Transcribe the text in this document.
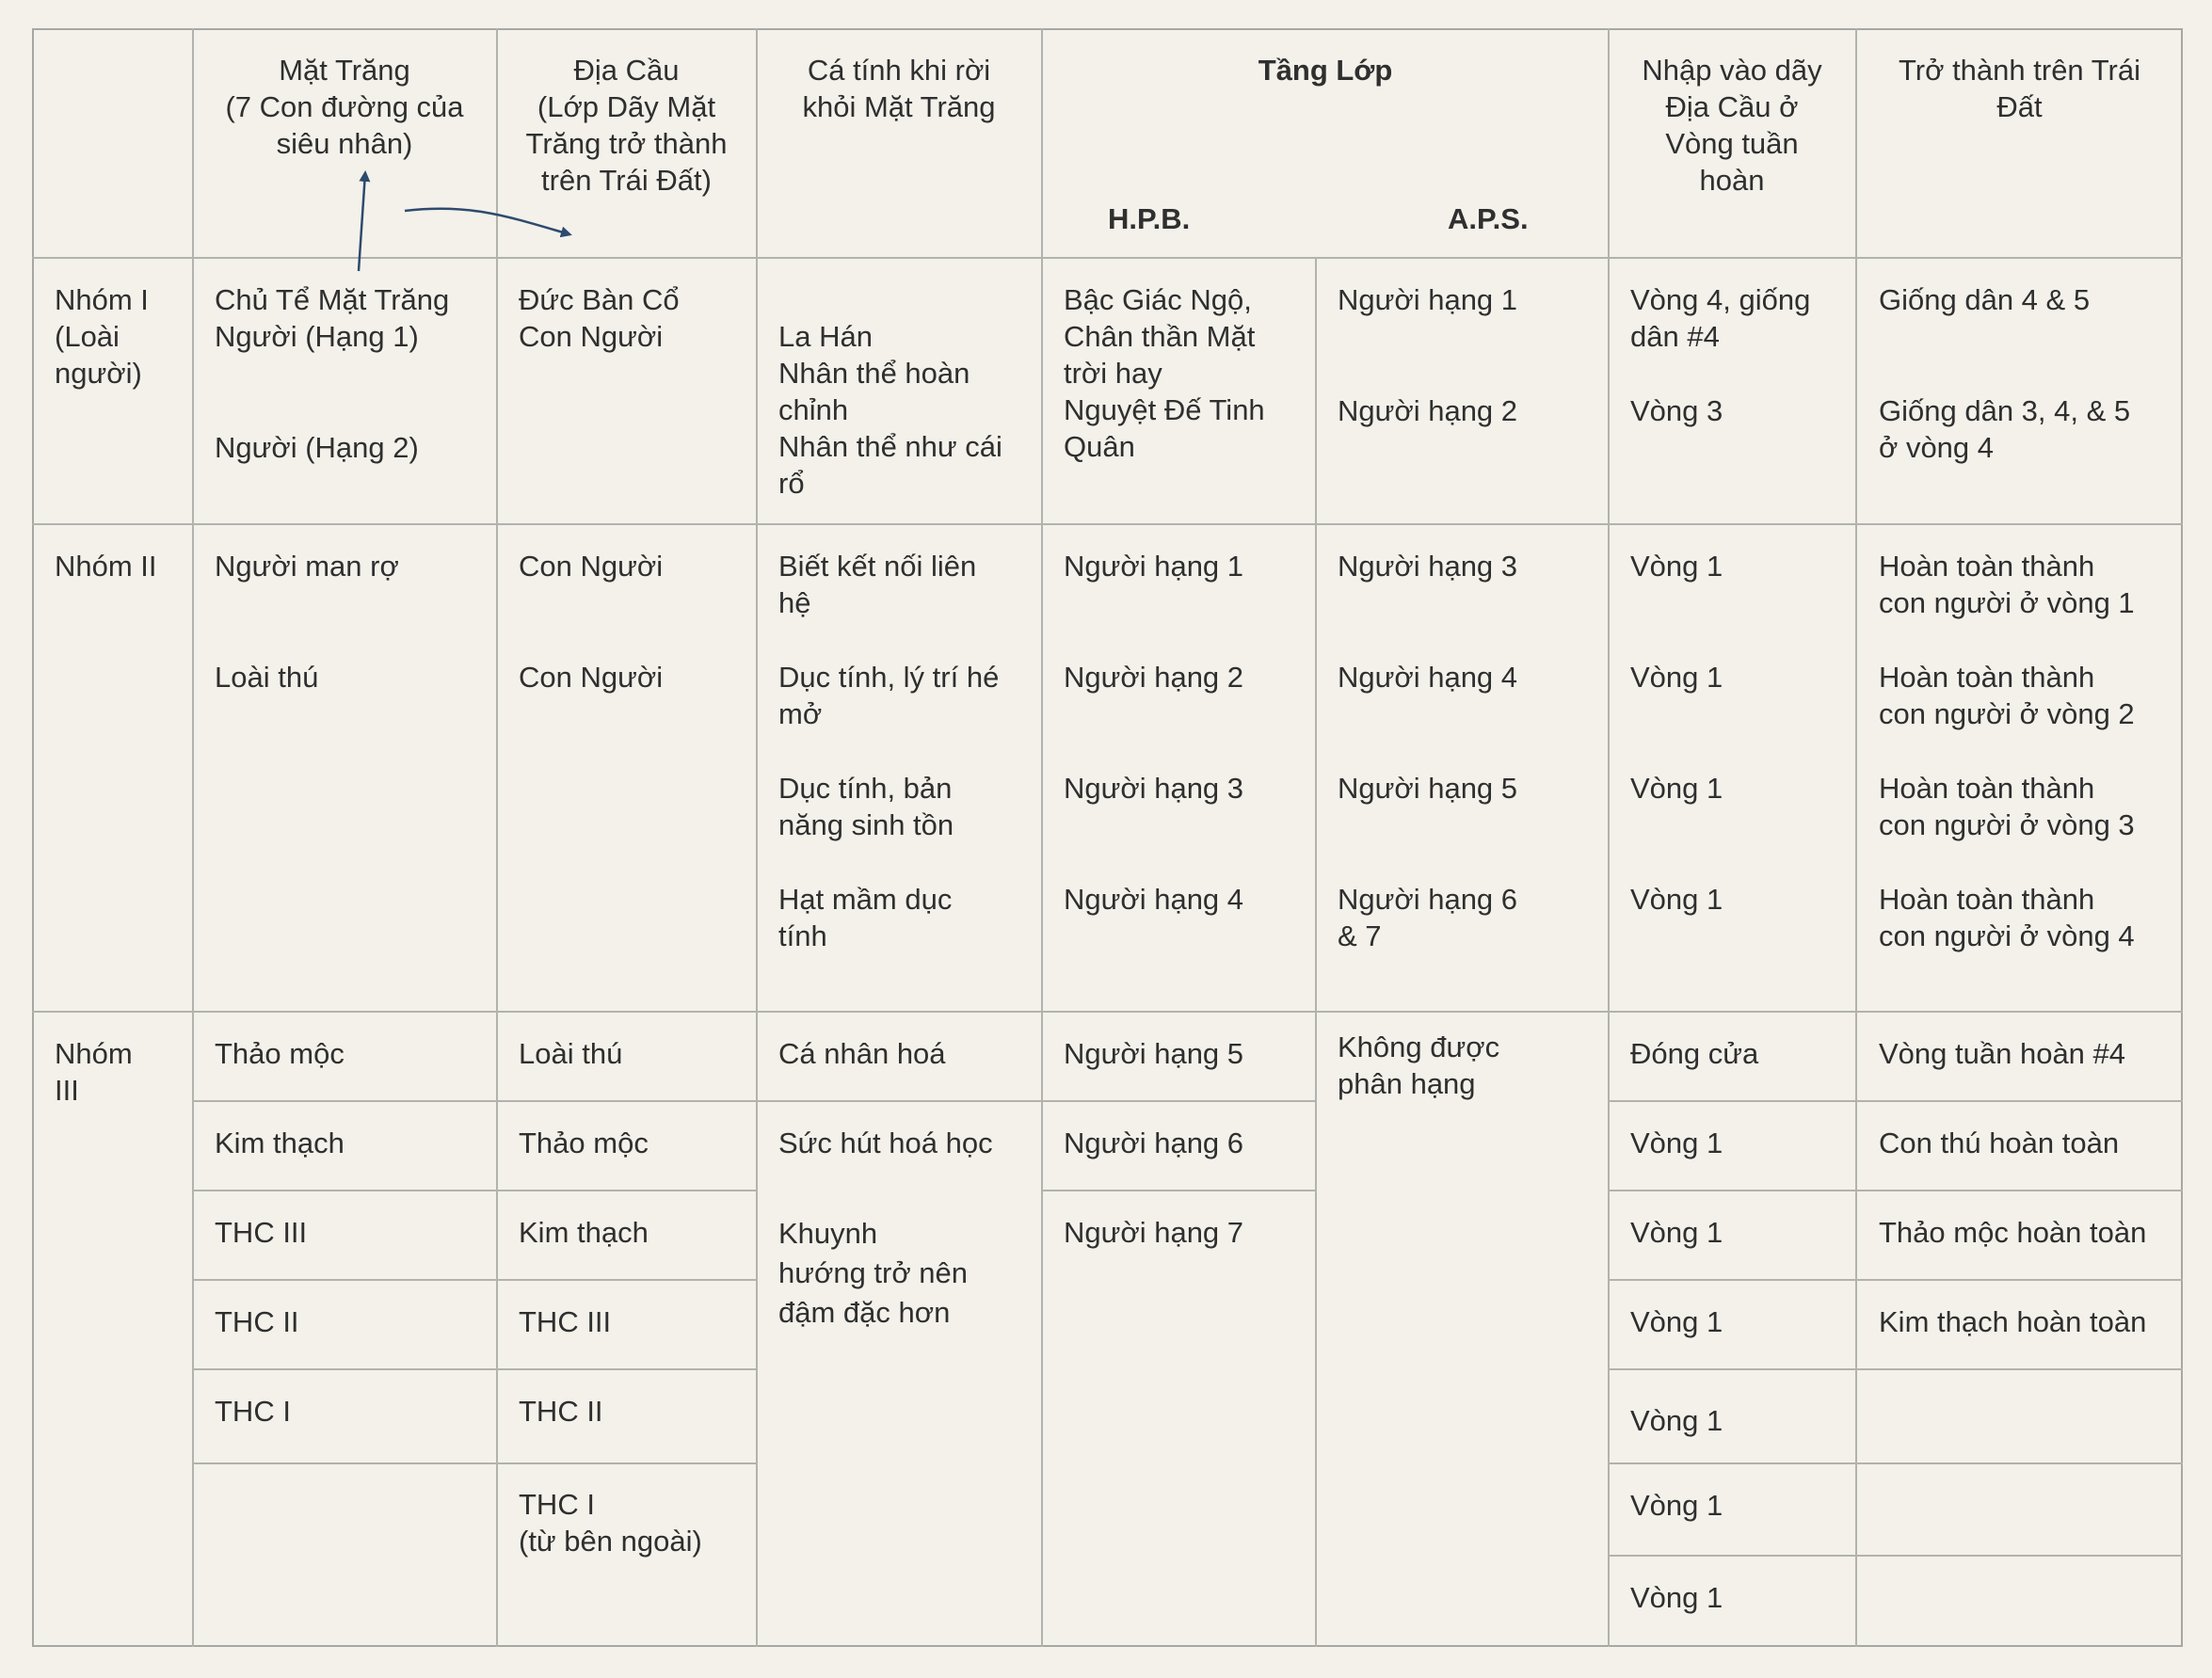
Mặt Trăng
(7 Con đường của
siêu nhân)
Địa Cầu
(Lớp Dãy Mặt
Trăng trở thành
trên Trái Đất)
Cá tính khi rời
khỏi Mặt Trăng
Tầng Lớp
H.P.B.	A.P.S.
Nhập vào dãy
Địa Cầu ở
Vòng tuần
hoàn
Trở thành trên Trái
Đất
Nhóm I
(Loài
người)
Chủ Tể Mặt Trăng
Người (Hạng 1)
Người (Hạng 2)
Đức Bàn Cổ
Con Người	La Hán
Nhân thể hoàn
chỉnh
Nhân thể như cái
rổ
Bậc Giác Ngộ,
Chân thần Mặt
trời hay
Nguyệt Đế Tinh
Quân
Người hạng 1
Người hạng 2
Vòng 4, giống
dân #4
Vòng 3
Giống dân 4 & 5
Giống dân 3, 4, & 5
ở vòng 4
Nhóm II Người man rợ
Loài thú
Con Người
Con Người
Biết kết nối liên
hệ
Dục tính, lý trí hé
mở
Dục tính, bản
năng sinh tồn
Hạt mầm dục
tính
Người hạng 1
Người hạng 2
Người hạng 3
Người hạng 4
Người hạng 3
Người hạng 4
Người hạng 5
Người hạng 6
& 7
Vòng 1
Vòng 1
Vòng 1
Vòng 1
Hoàn toàn thành
con người ở vòng 1
Hoàn toàn thành
con người ở vòng 2
Hoàn toàn thành
con người ở vòng 3
Hoàn toàn thành
con người ở vòng 4
Nhóm
III
Thảo mộc
Kim thạch
THC III
THC II
THC I
Loài thú
Thảo mộc
Kim thạch
THC III
THC II
THC I
(từ bên ngoài)
Cá nhân hoá
Sức hút hoá học
Khuynh
hướng trở nên
đậm đặc hơn
Người hạng 5
Người hạng 6
Người hạng 7
Không được
phân hạng
Đóng cửa
Vòng 1
Vòng 1
Vòng 1
Vòng 1
Vòng 1
Vòng 1
Vòng tuần hoàn #4
Con thú hoàn toàn
Thảo mộc hoàn toàn
Kim thạch hoàn toàn
